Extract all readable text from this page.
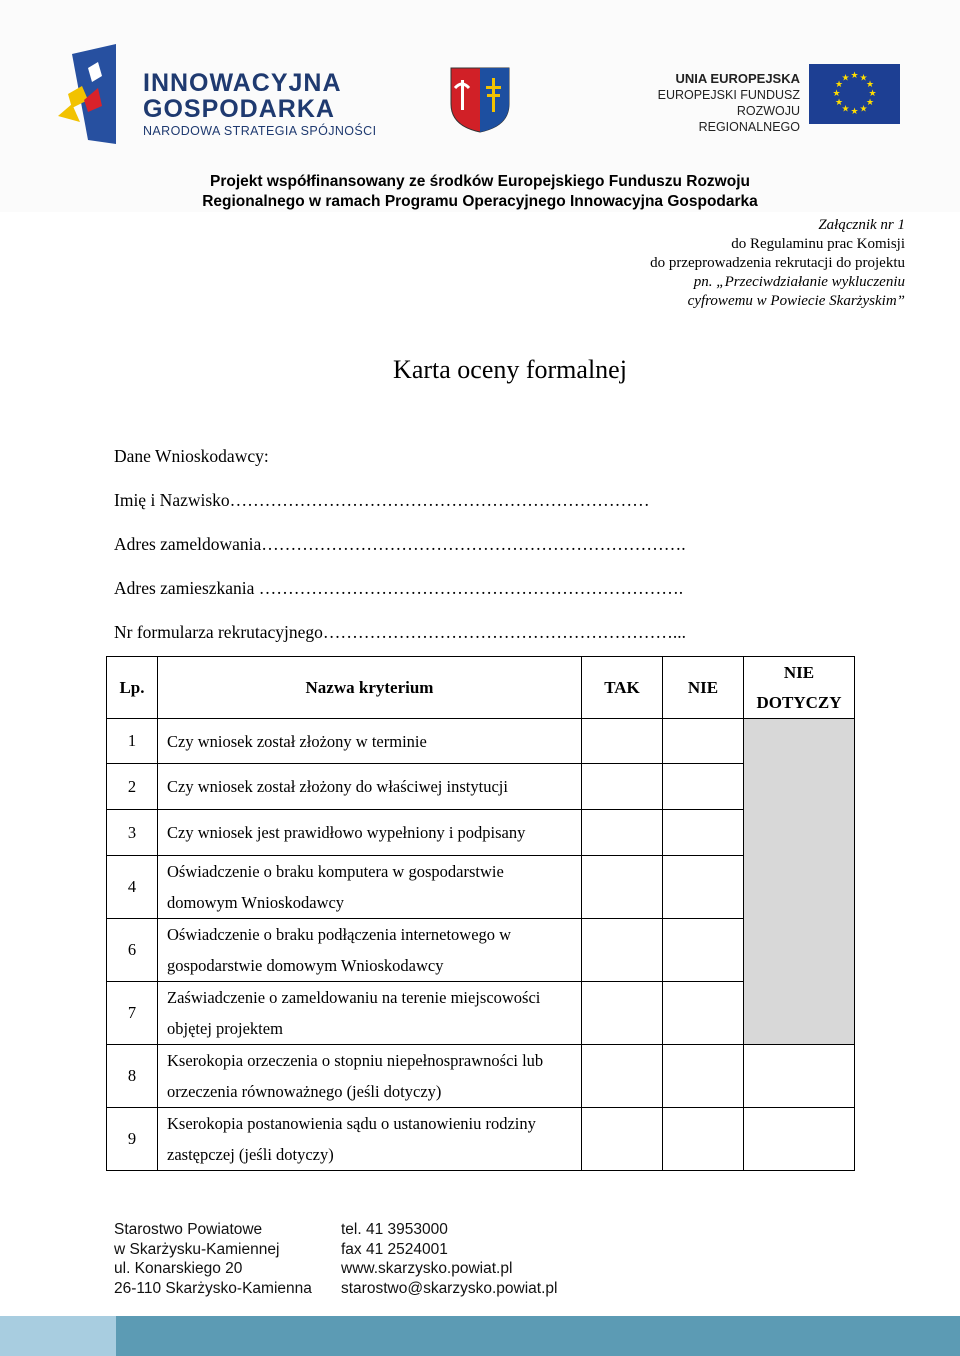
INNOWACYJNA
GOSPODARKA
NARODOWA STRATEGIA SPÓJNOŚCI
UNIA EUROPEJSKA
EUROPEJSKI FUNDUSZ
ROZWOJU REGIONALNEGO
★ ★
★
★
★
★
★
★
★
★
★
★
Projekt współfinansowany ze środków Europejskiego Funduszu Rozwoju
Regionalnego w ramach Programu Operacyjnego Innowacyjna Gospodarka
Załącznik nr 1
do Regulaminu prac Komisji
do przeprowadzenia rekrutacji do projektu
pn. „Przeciwdziałanie wykluczeniu
cyfrowemu w Powiecie Skarżyskim”
Karta oceny formalnej
Dane Wnioskodawcy:
Imię i Nazwisko………………………………………………………………
Adres zameldowania……………………………………………………………….
Adres zamieszkania ……………………………………………………………….
Nr formularza rekrutacyjnego……………………………………………………...
Lp.	Nazwa kryterium	TAK	NIE	NIE
DOTYCZY

1	Czy wniosek został złożony w terminie			
2	Czy wniosek został złożony do właściwej instytucji			
3	Czy wniosek jest prawidłowo wypełniony i podpisany			
4	Oświadczenie o braku komputera w gospodarstwie
domowym Wnioskodawcy			

6	Oświadczenie o braku podłączenia internetowego w
gospodarstwie domowym Wnioskodawcy			

7	Zaświadczenie o zameldowaniu na terenie miejscowości
objętej projektem			

8	Kserokopia orzeczenia o stopniu niepełnosprawności lub
orzeczenia równoważnego (jeśli dotyczy)			

9	Kserokopia postanowienia sądu o ustanowieniu rodziny
zastępczej (jeśli dotyczy)			

Starostwo Powiatowe
w Skarżysku-Kamiennej
ul. Konarskiego 20
26-110 Skarżysko-Kamienna
tel. 41 3953000
fax 41 2524001
www.skarzysko.powiat.pl
starostwo@skarzysko.powiat.pl
